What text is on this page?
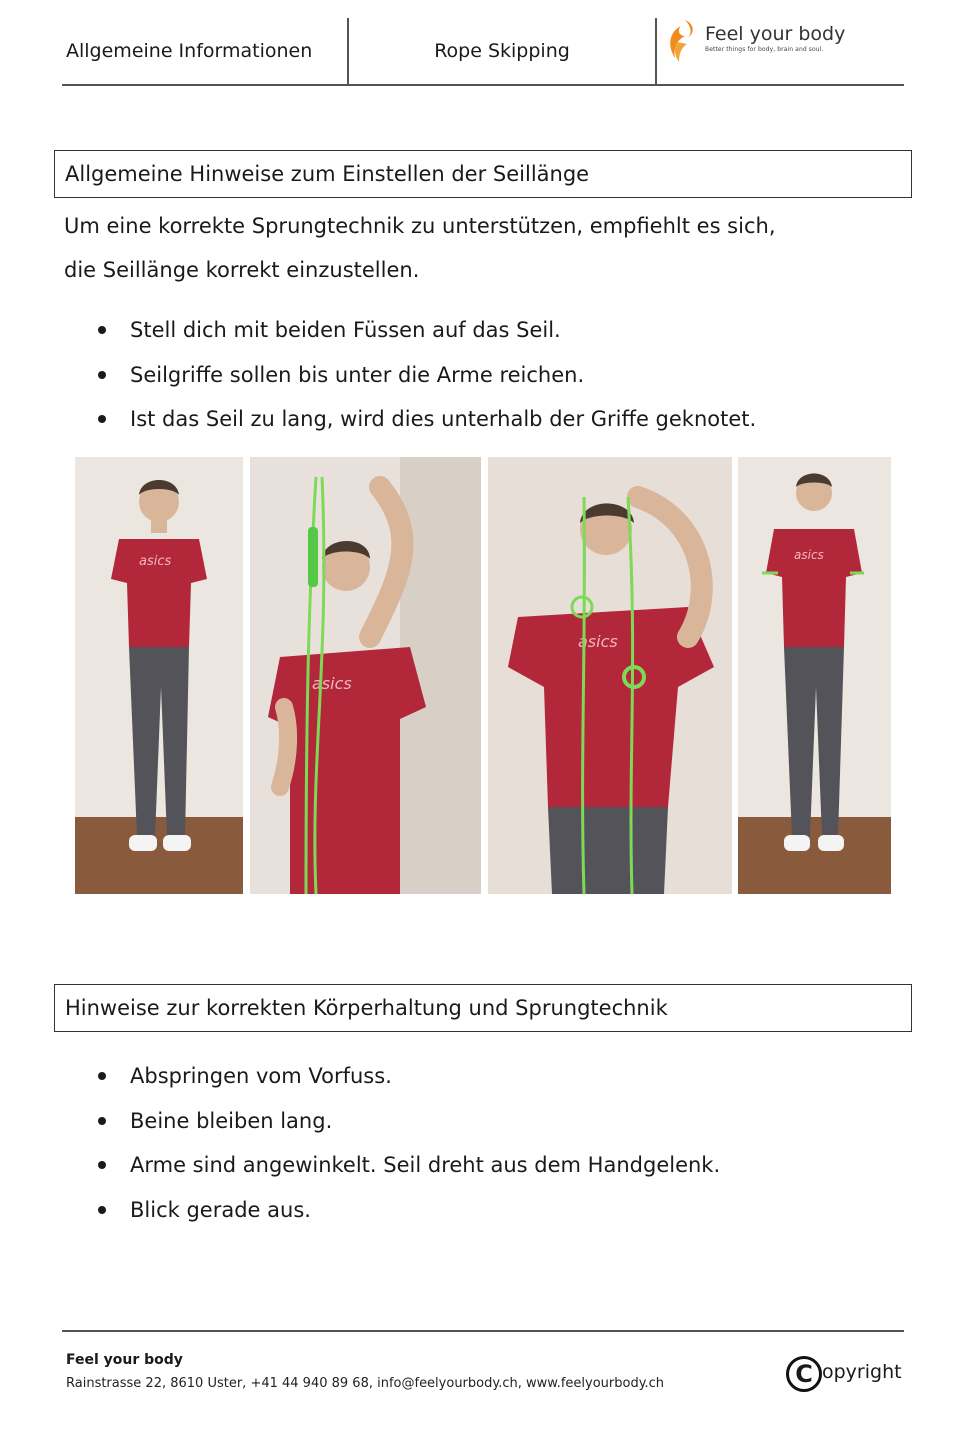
Allgemeine Informationen	Rope Skipping
Feel your body
Better things for body, brain and soul.
Allgemeine Hinweise zum Einstellen der Seillänge
Um eine korrekte Sprungtechnik zu unterstützen, empfiehlt es sich,
die Seillänge korrekt einzustellen.
Stell dich mit beiden Füssen auf das Seil.
Seilgriffe sollen bis unter die Arme reichen.
Ist das Seil zu lang, wird dies unterhalb der Griffe geknotet.
asics
asics
asics
asics
Hinweise zur korrekten Körperhaltung und Sprungtechnik
Abspringen vom Vorfuss.
Beine bleiben lang.
Arme sind angewinkelt. Seil dreht aus dem Handgelenk.
Blick gerade aus.
Feel your body
Rainstrasse 22, 8610 Uster, +41 44 940 89 68, info@feelyourbody.ch, www.feelyourbody.ch	C opyright
